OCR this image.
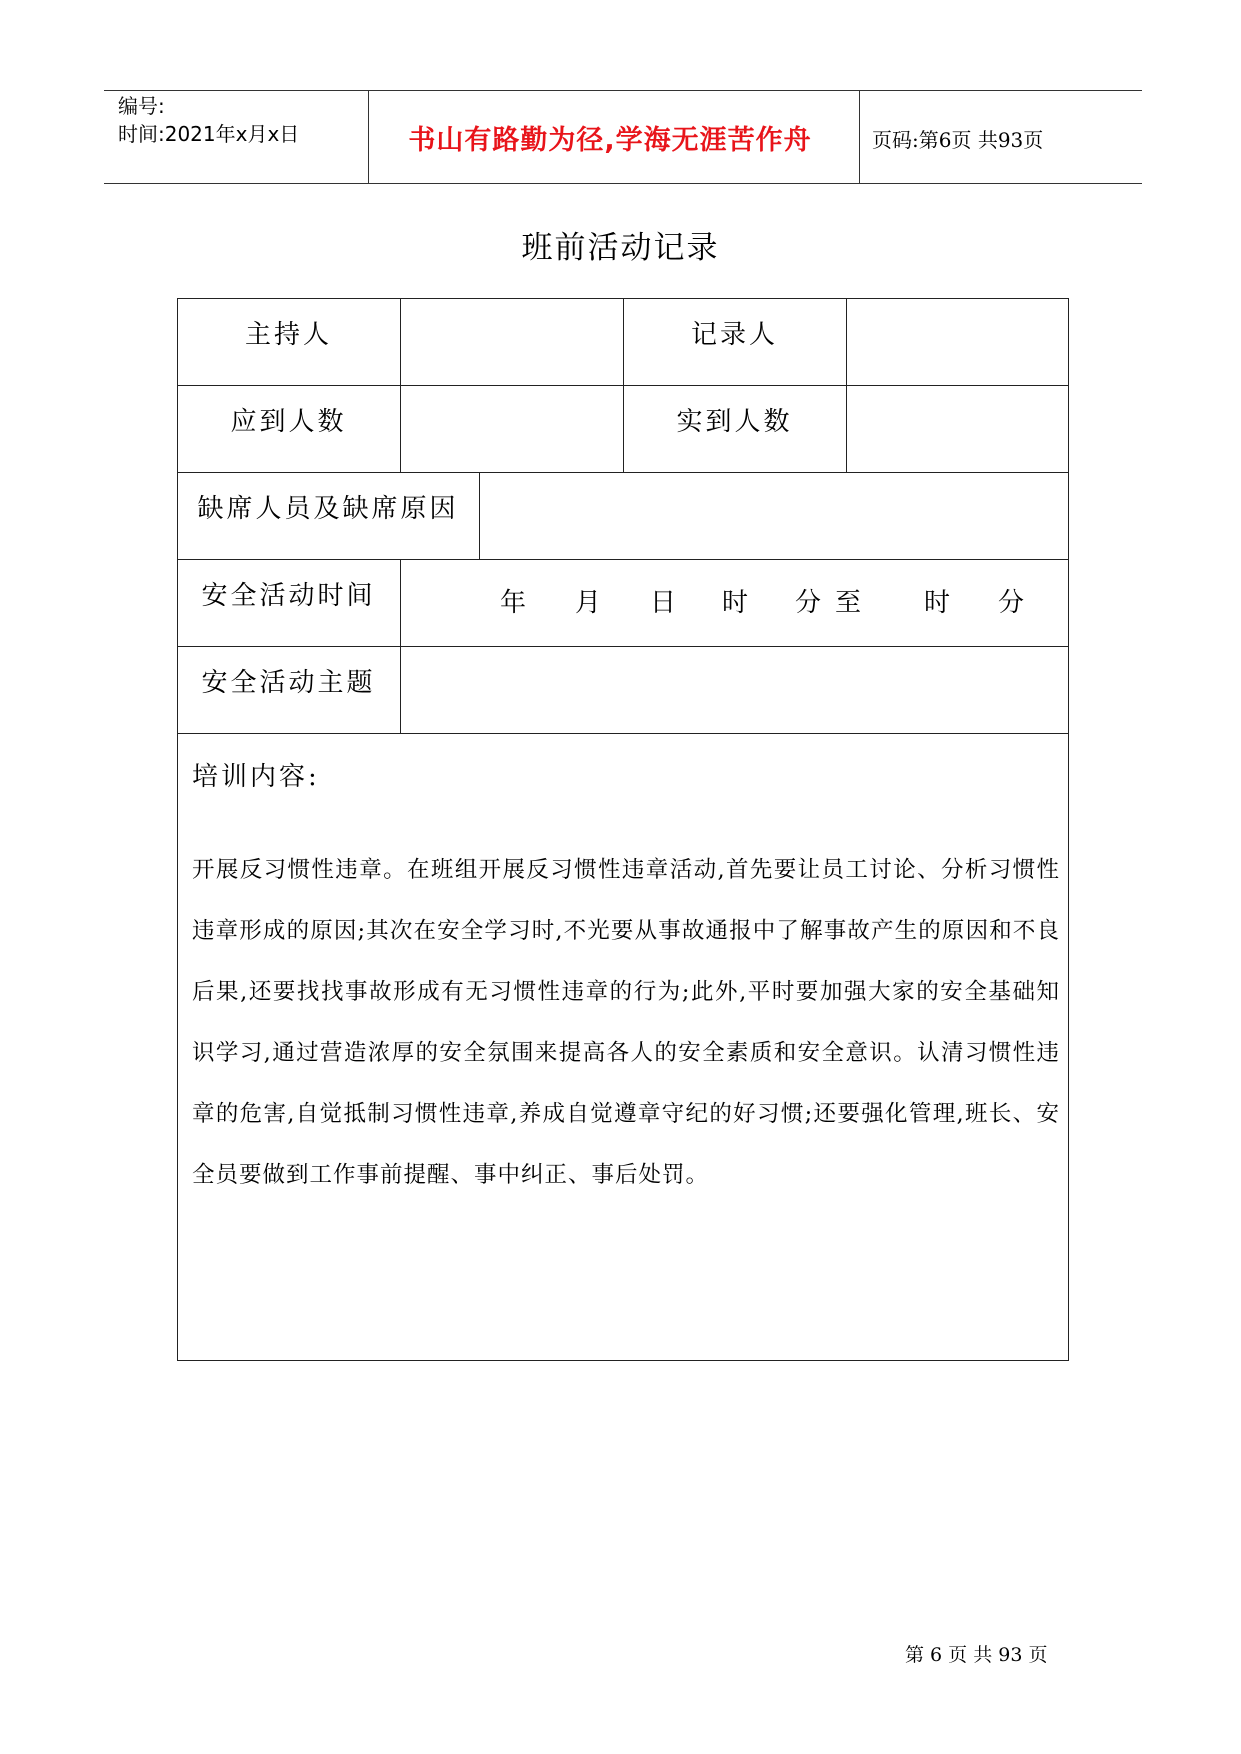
编号:
时间:2021年x月x日	书山有路勤为径,学海无涯苦作舟	页码:第6页 共93页
班前活动记录
主持人	记录人
应到人数	实到人数
缺席人员及缺席原因
安全活动时间	年 月 日 时 分至 时 分
安全活动主题
培训内容:
开展反习惯性违章。在班组开展反习惯性违章活动,首先要让员工讨论、分析习惯性违章形成的原因;其次在安全学习时,不光要从事故通报中了解事故产生的原因和不良后果,还要找找事故形成有无习惯性违章的行为;此外,平时要加强大家的安全基础知识学习,通过营造浓厚的安全氛围来提高各人的安全素质和安全意识。认清习惯性违章的危害,自觉抵制习惯性违章,养成自觉遵章守纪的好习惯;还要强化管理,班长、安全员要做到工作事前提醒、事中纠正、事后处罚。
第 6 页 共 93 页
